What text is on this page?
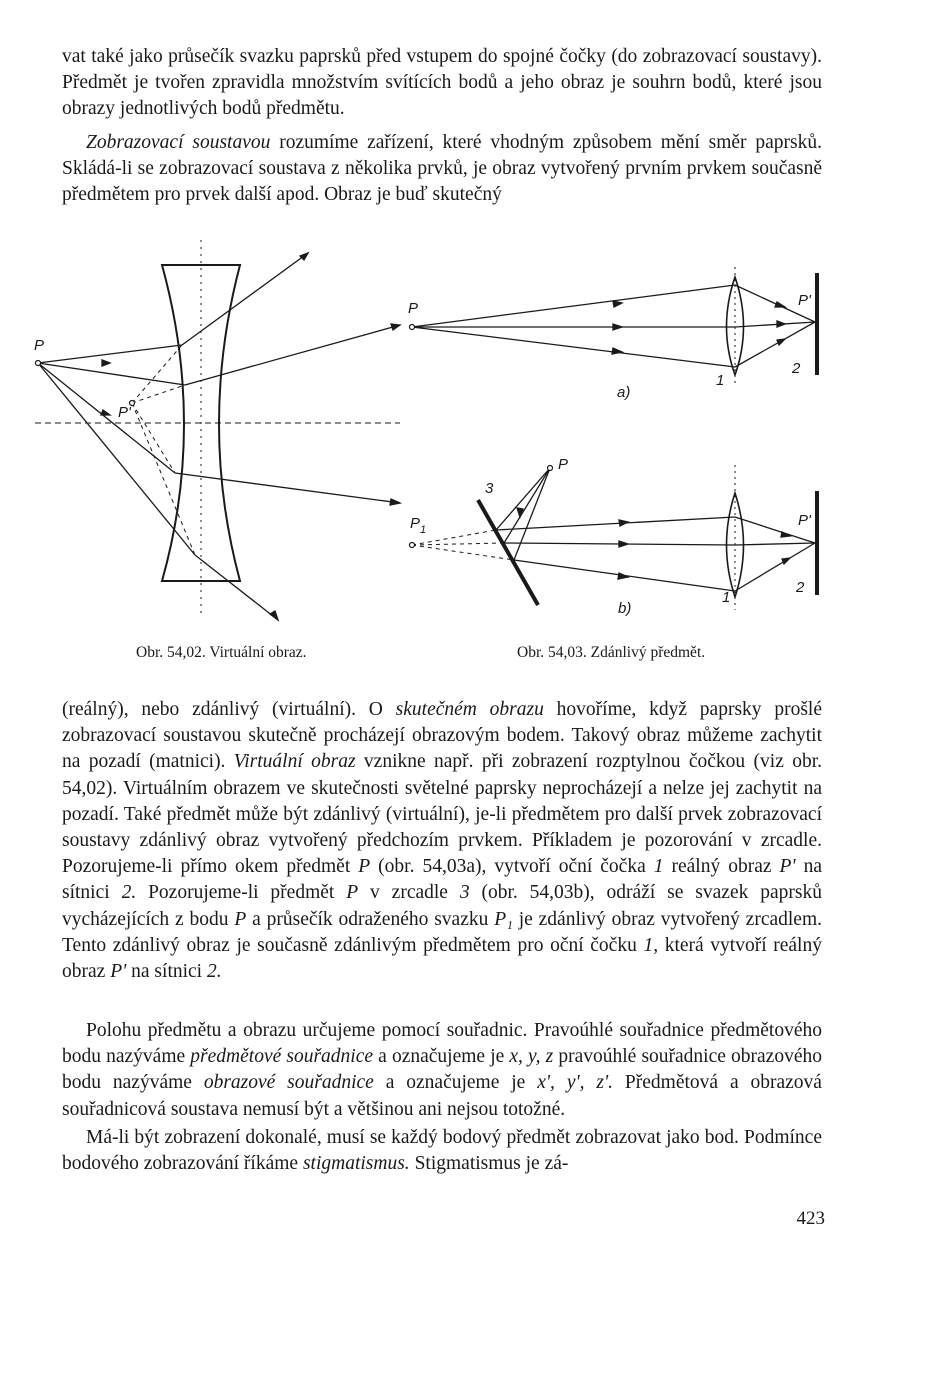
vat také jako průsečík svazku paprsků před vstupem do spojné čočky (do zobrazovací soustavy). Předmět je tvořen zpravidla množstvím svítících bodů a jeho obraz je souhrn bodů, které jsou obrazy jednotlivých bodů předmětu.

Zobrazovací soustavou rozumíme zařízení, které vhodným způsobem mění směr paprsků. Skládá-li se zobrazovací soustava z několika prvků, je obraz vytvořený prvním prvkem současně předmětem pro prvek další apod. Obraz je buď skutečný

P
P'
P	P'
1
2
a)
P
$P_1$
3
P'
1
2
b)
Obr. 54,02. Virtuální obraz.	Obr. 54,03. Zdánlivý předmět.

(reálný), nebo zdánlivý (virtuální). O skutečném obrazu hovoříme, když paprsky prošlé zobrazovací soustavou skutečně procházejí obrazovým bodem. Takový obraz můžeme zachytit na pozadí (matnici). Virtuální obraz vznikne např. při zobrazení rozptylnou čočkou (viz obr. 54,02). Virtuálním obrazem ve skutečnosti světelné paprsky neprocházejí a nelze jej zachytit na pozadí. Také předmět může být zdánlivý (virtuální), je-li předmětem pro další prvek zobrazovací soustavy zdánlivý obraz vytvořený předchozím prvkem. Příkladem je pozorování v zrcadle. Pozorujeme-li přímo okem předmět P (obr. 54,03a), vytvoří oční čočka 1 reálný obraz P' na sítnici 2. Pozorujeme-li předmět P v zrcadle 3 (obr. 54,03b), odráží se svazek paprsků vycházejících z bodu P a průsečík odraženého svazku P₁ je zdánlivý obraz vytvořený zrcadlem. Tento zdánlivý obraz je současně zdánlivým předmětem pro oční čočku 1, která vytvoří reálný obraz P' na sítnici 2.

Polohu předmětu a obrazu určujeme pomocí souřadnic. Pravoúhlé souřadnice předmětového bodu nazýváme předmětové souřadnice a označujeme je x, y, z pravoúhlé souřadnice obrazového bodu nazýváme obrazové souřadnice a označujeme je x', y', z'. Předmětová a obrazová souřadnicová soustava nemusí být a většinou ani nejsou totožné.

Má-li být zobrazení dokonalé, musí se každý bodový předmět zobrazovat jako bod. Podmínce bodového zobrazování říkáme stigmatismus. Stigmatismus je zá-

423
